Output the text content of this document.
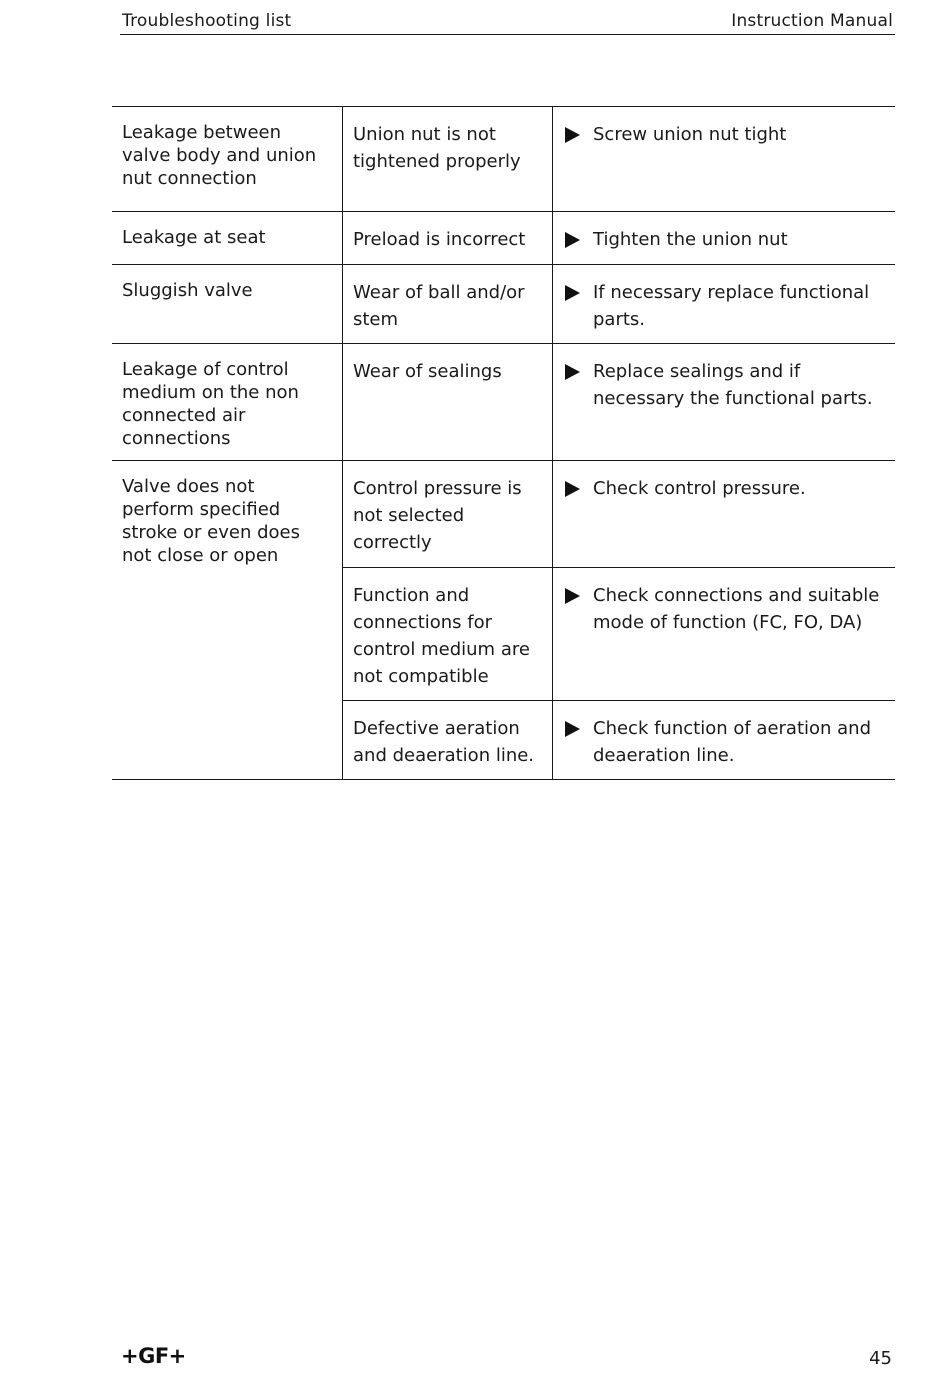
Troubleshooting list	Instruction Manual
Leakage between valve body and union nut connection	Union nut is not tightened properly	Screw union nut tight
Leakage at seat	Preload is incorrect	Tighten the union nut
Sluggish valve	Wear of ball and/or stem	If necessary replace functional parts.
Leakage of control medium on the non connected air connections	Wear of sealings	Replace sealings and if necessary the functional parts.
Valve does not perform specified stroke or even does not close or open	Control pressure is not selected correctly	Check control pressure.
	Function and connections for control medium are not compatible	Check connections and suitable mode of function (FC, FO, DA)
	Defective aeration and deaeration line.	Check function of aeration and deaeration line.
+GF+	45
